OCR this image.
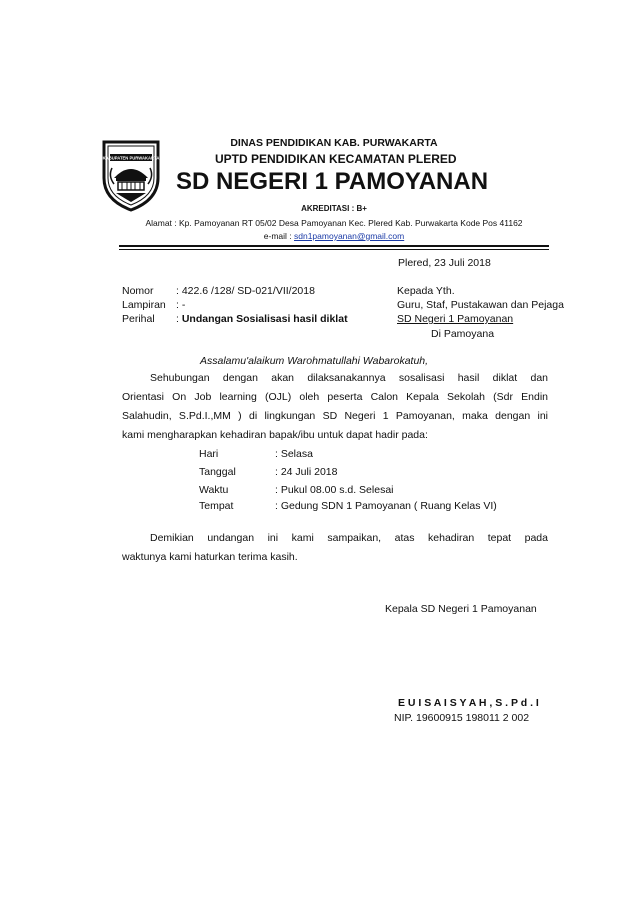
KABUPATEN PURWAKARTA
DINAS PENDIDIKAN KAB. PURWAKARTA
UPTD PENDIDIKAN KECAMATAN PLERED
SD NEGERI 1 PAMOYANAN
AKREDITASI : B+
Alamat : Kp. Pamoyanan RT 05/02 Desa Pamoyanan Kec. Plered Kab. Purwakarta Kode Pos 41162
e-mail : sdn1pamoyanan@gmail.com
Plered, 23 Juli 2018
Nomor : 422.6 /128/ SD-021/VII/2018
Lampiran : -
Perihal : Undangan Sosialisasi hasil diklat
Kepada Yth.
Guru, Staf, Pustakawan dan Pejaga
SD Negeri 1 Pamoyanan
Di Pamoyana
Assalamu'alaikum Warohmatullahi Wabarokatuh,
Sehubungan dengan akan dilaksanakannya sosalisasi hasil diklat dan
Orientasi On Job learning (OJL) oleh peserta Calon Kepala Sekolah (Sdr Endin
Salahudin, S.Pd.I.,MM ) di lingkungan SD Negeri 1 Pamoyanan, maka dengan ini
kami mengharapkan kehadiran bapak/ibu untuk dapat hadir pada:
Hari	: Selasa
Tanggal	: 24 Juli 2018
Waktu	: Pukul 08.00 s.d. Selesai
Tempat	: Gedung SDN 1 Pamoyanan ( Ruang Kelas VI)
Demikian undangan ini kami sampaikan, atas kehadiran tepat pada
waktunya kami haturkan terima kasih.
Kepala SD Negeri 1 Pamoyanan
E U I S A I S Y A H , S . P d . I
NIP. 19600915 198011 2 002
